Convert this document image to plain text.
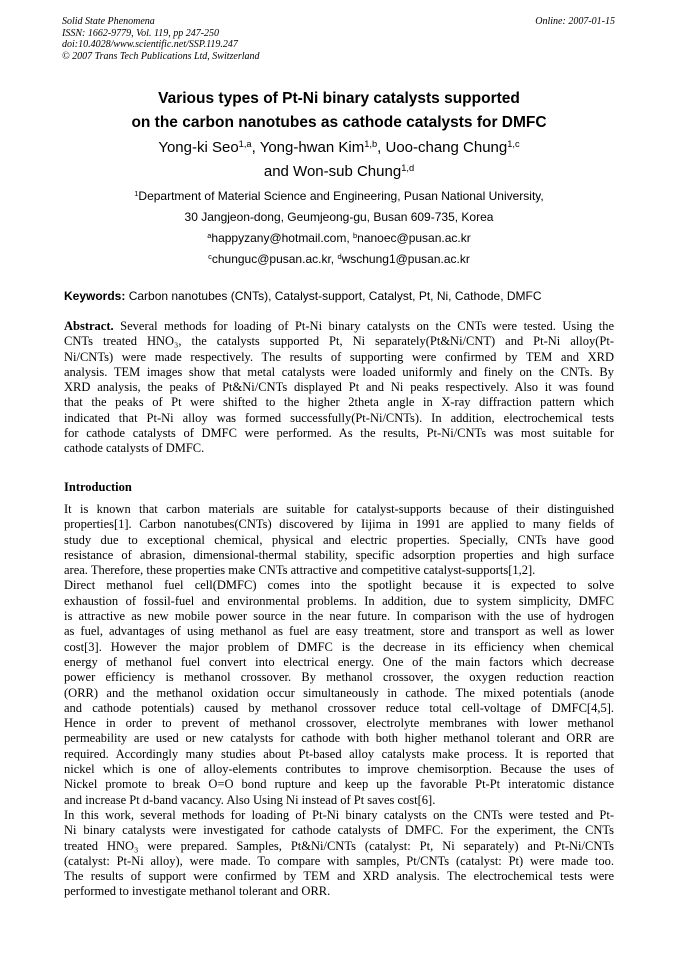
Solid State Phenomena
ISSN: 1662-9779, Vol. 119, pp 247-250
doi:10.4028/www.scientific.net/SSP.119.247
© 2007 Trans Tech Publications Ltd, Switzerland
Online: 2007-01-15
Various types of Pt-Ni binary catalysts supported
on the carbon nanotubes as cathode catalysts for DMFC
Yong-ki Seo$^{1,a}$, Yong-hwan Kim$^{1,b}$, Uoo-chang Chung$^{1,c}$
and Won-sub Chung$^{1,d}$
$^1$Department of Material Science and Engineering, Pusan National University,
30 Jangjeon-dong, Geumjeong-gu, Busan 609-735, Korea
$^a$happyzany@hotmail.com, $^b$nanoec@pusan.ac.kr
$^c$chunguc@pusan.ac.kr, $^d$wschung1@pusan.ac.kr
Keywords: Carbon nanotubes (CNTs), Catalyst-support, Catalyst, Pt, Ni, Cathode, DMFC
Abstract. Several methods for loading of Pt-Ni binary catalysts on the CNTs were tested. Using the
CNTs treated HNO₃, the catalysts supported Pt, Ni separately(Pt&Ni/CNT) and Pt-Ni alloy(Pt-
Ni/CNTs) were made respectively. The results of supporting were confirmed by TEM and XRD
analysis. TEM images show that metal catalysts were loaded uniformly and finely on the CNTs. By
XRD analysis, the peaks of Pt&Ni/CNTs displayed Pt and Ni peaks respectively. Also it was found
that the peaks of Pt were shifted to the higher 2theta angle in X-ray diffraction pattern which
indicated that Pt-Ni alloy was formed successfully(Pt-Ni/CNTs). In addition, electrochemical tests
for cathode catalysts of DMFC were performed. As the results, Pt-Ni/CNTs was most suitable for
cathode catalysts of DMFC.
Introduction
It is known that carbon materials are suitable for catalyst-supports because of their distinguished
properties[1]. Carbon nanotubes(CNTs) discovered by Iijima in 1991 are applied to many fields of
study due to exceptional chemical, physical and electric properties. Specially, CNTs have good
resistance of abrasion, dimensional-thermal stability, specific adsorption properties and high surface
area. Therefore, these properties make CNTs attractive and competitive catalyst-supports[1,2].
Direct methanol fuel cell(DMFC) comes into the spotlight because it is expected to solve
exhaustion of fossil-fuel and environmental problems. In addition, due to system simplicity, DMFC
is attractive as new mobile power source in the near future. In comparison with the use of hydrogen
as fuel, advantages of using methanol as fuel are easy treatment, store and transport as well as lower
cost[3]. However the major problem of DMFC is the decrease in its efficiency when chemical
energy of methanol fuel convert into electrical energy. One of the main factors which decrease
power efficiency is methanol crossover. By methanol crossover, the oxygen reduction reaction
(ORR) and the methanol oxidation occur simultaneously in cathode. The mixed potentials (anode
and cathode potentials) caused by methanol crossover reduce total cell-voltage of DMFC[4,5].
Hence in order to prevent of methanol crossover, electrolyte membranes with lower methanol
permeability are used or new catalysts for cathode with both higher methanol tolerant and ORR are
required. Accordingly many studies about Pt-based alloy catalysts make process. It is reported that
nickel which is one of alloy-elements contributes to improve chemisorption. Because the uses of
Nickel promote to break O=O bond rupture and keep up the favorable Pt-Pt interatomic distance
and increase Pt d-band vacancy. Also Using Ni instead of Pt saves cost[6].
In this work, several methods for loading of Pt-Ni binary catalysts on the CNTs were tested and Pt-
Ni binary catalysts were investigated for cathode catalysts of DMFC. For the experiment, the CNTs
treated HNO₃ were prepared. Samples, Pt&Ni/CNTs (catalyst: Pt, Ni separately) and Pt-Ni/CNTs
(catalyst: Pt-Ni alloy), were made. To compare with samples, Pt/CNTs (catalyst: Pt) were made too.
The results of support were confirmed by TEM and XRD analysis. The electrochemical tests were
performed to investigate methanol tolerant and ORR.
